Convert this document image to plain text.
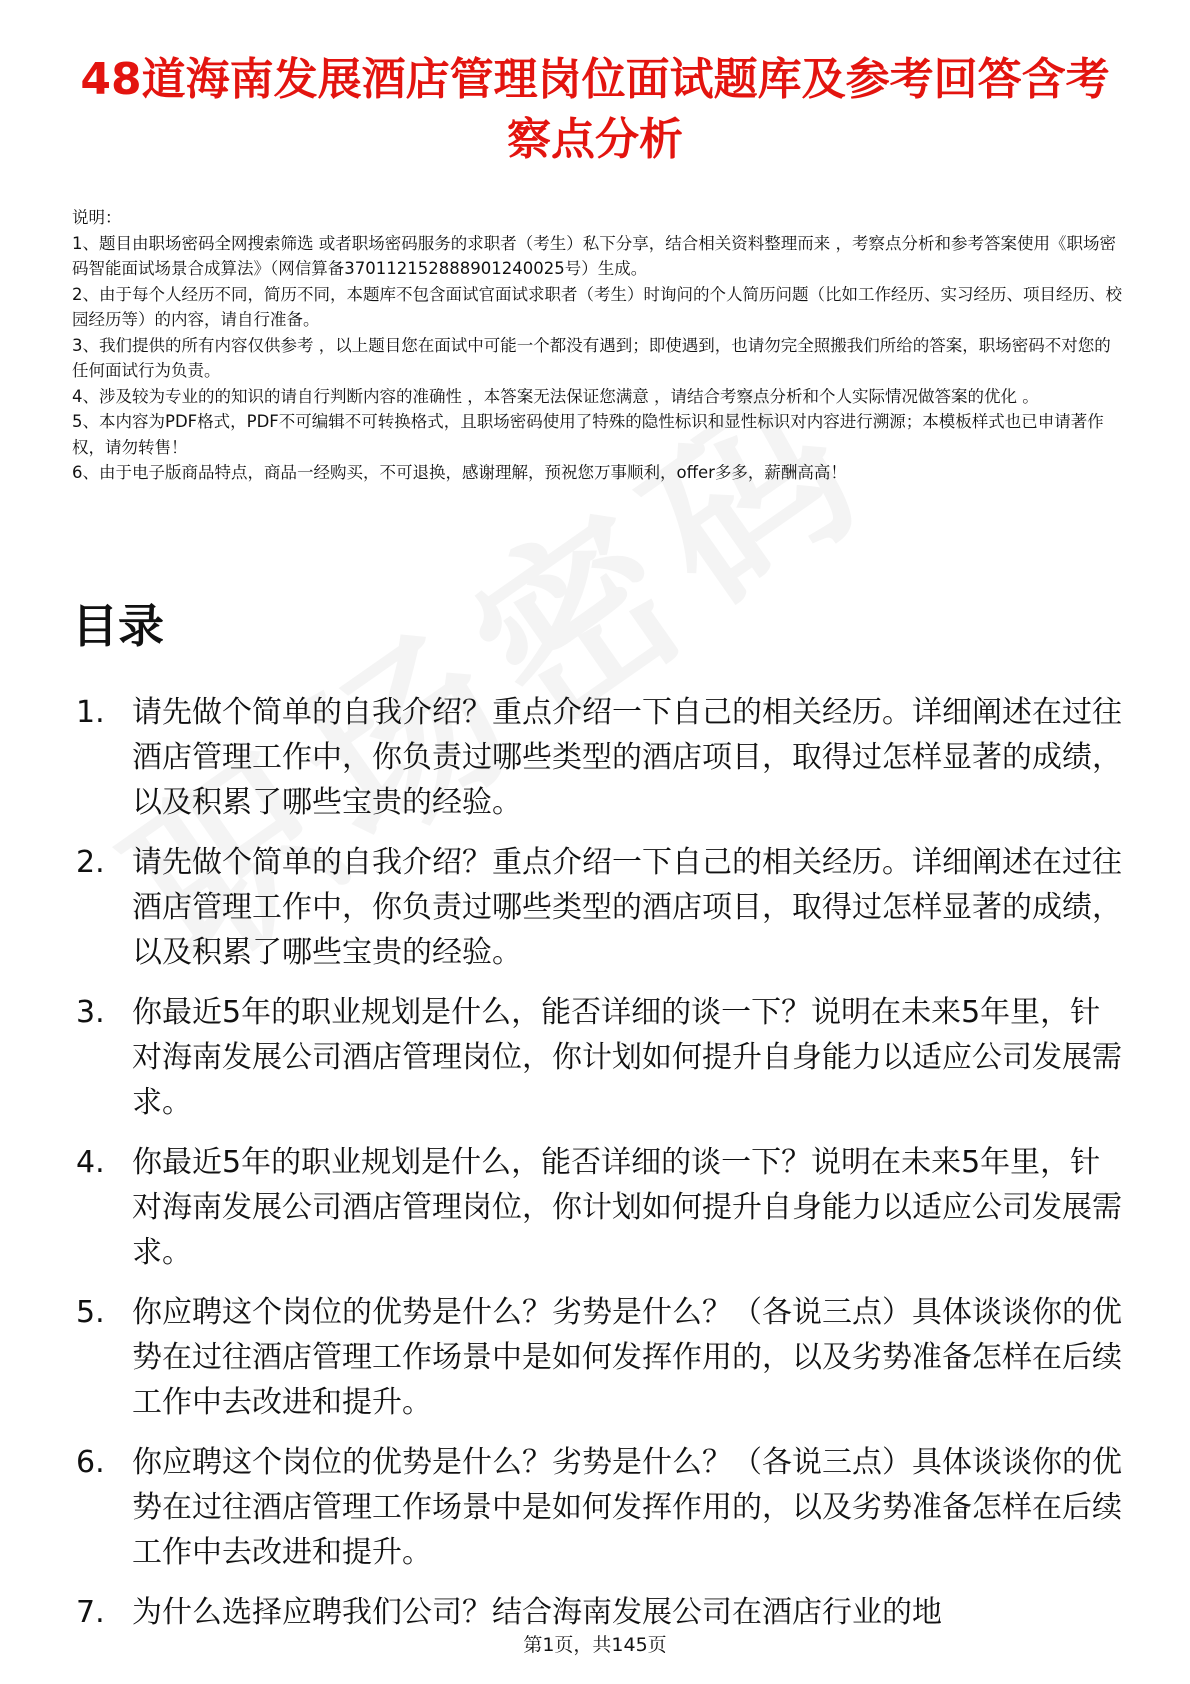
48道海南发展酒店管理岗位面试题库及参考回答含考察点分析
说明：
1、题目由职场密码全网搜索筛选 或者职场密码服务的求职者（考生）私下分享，结合相关资料整理而来 ，考察点分析和参考答案使用《职场密码智能面试场景合成算法》（网信算备370112152888901240025号）生成。
2、由于每个人经历不同，简历不同，本题库不包含面试官面试求职者（考生）时询问的个人简历问题（比如工作经历、实习经历、项目经历、校园经历等）的内容，请自行准备。
3、我们提供的所有内容仅供参考 ，以上题目您在面试中可能一个都没有遇到；即使遇到，也请勿完全照搬我们所给的答案，职场密码不对您的任何面试行为负责。
4、涉及较为专业的的知识的请自行判断内容的准确性 ，本答案无法保证您满意 ，请结合考察点分析和个人实际情况做答案的优化 。
5、本内容为PDF格式，PDF不可编辑不可转换格式，且职场密码使用了特殊的隐性标识和显性标识对内容进行溯源；本模板样式也已申请著作权，请勿转售！
6、由于电子版商品特点，商品一经购买，不可退换，感谢理解，预祝您万事顺利，offer多多，薪酬高高！
目录
1. 请先做个简单的自我介绍？重点介绍一下自己的相关经历。详细阐述在过往酒店管理工作中，你负责过哪些类型的酒店项目，取得过怎样显著的成绩，以及积累了哪些宝贵的经验。
2. 请先做个简单的自我介绍？重点介绍一下自己的相关经历。详细阐述在过往酒店管理工作中，你负责过哪些类型的酒店项目，取得过怎样显著的成绩，以及积累了哪些宝贵的经验。
3. 你最近5年的职业规划是什么，能否详细的谈一下？说明在未来5年里，针对海南发展公司酒店管理岗位，你计划如何提升自身能力以适应公司发展需求。
4. 你最近5年的职业规划是什么，能否详细的谈一下？说明在未来5年里，针对海南发展公司酒店管理岗位，你计划如何提升自身能力以适应公司发展需求。
5. 你应聘这个岗位的优势是什么？劣势是什么？（各说三点）具体谈谈你的优势在过往酒店管理工作场景中是如何发挥作用的，以及劣势准备怎样在后续工作中去改进和提升。
6. 你应聘这个岗位的优势是什么？劣势是什么？（各说三点）具体谈谈你的优势在过往酒店管理工作场景中是如何发挥作用的，以及劣势准备怎样在后续工作中去改进和提升。
7. 为什么选择应聘我们公司？结合海南发展公司在酒店行业的地
第1页，共145页
